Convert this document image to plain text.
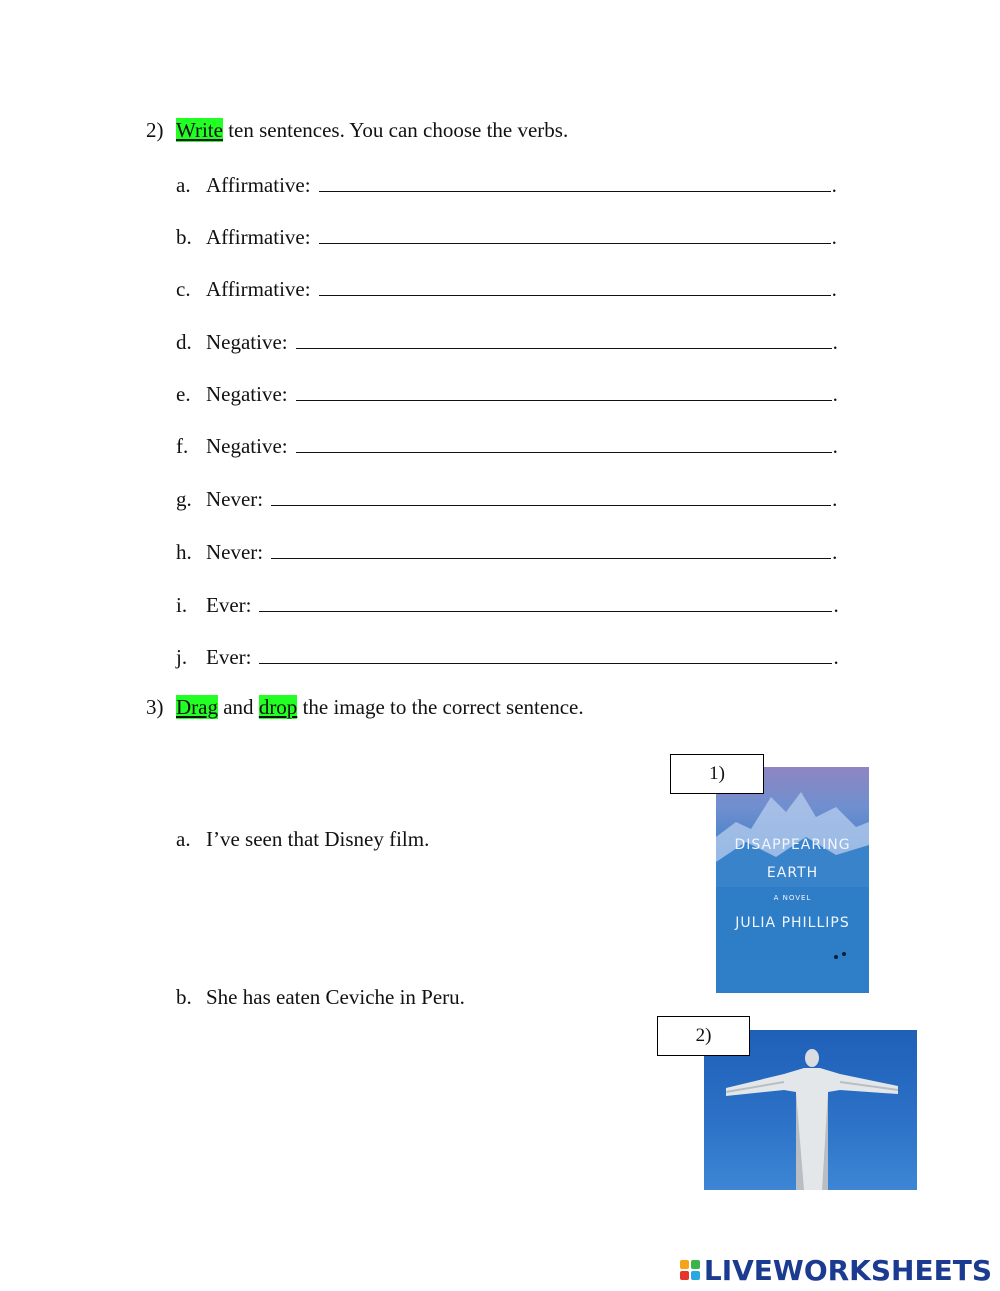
2) Write ten sentences. You can choose the verbs.
a. Affirmative:	.
b. Affirmative:	.
c. Affirmative:	.
d. Negative:	.
e. Negative:	.
f. Negative:	.
g. Never:	.
h. Never:	.
i. Ever:	.
j. Ever:	.
3) Drag and drop the image to the correct sentence.
a. I’ve seen that Disney film.
b. She has eaten Ceviche in Peru.
DISAPPEARING
EARTH
A NOVEL
JULIA PHILLIPS
1)
2)
LIVEWORKSHEETS
